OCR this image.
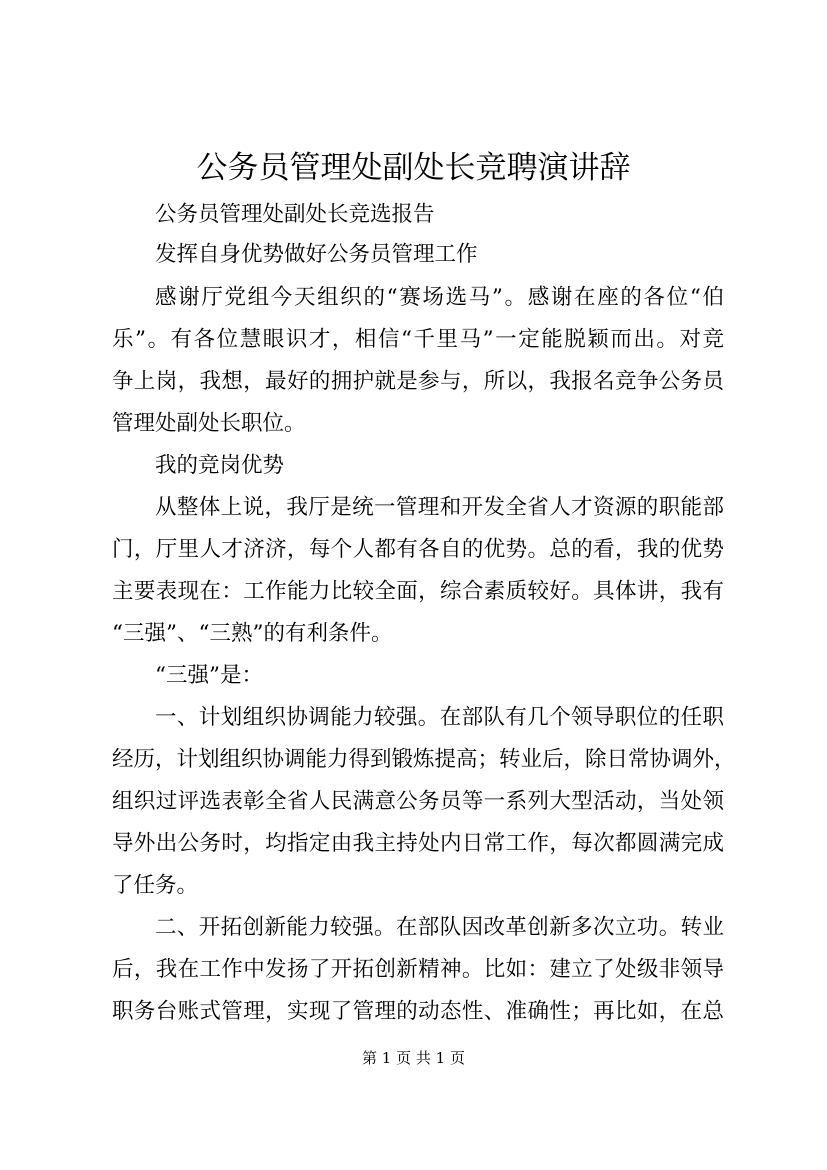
公务员管理处副处长竞聘演讲辞

公务员管理处副处长竞选报告

发挥自身优势做好公务员管理工作

感谢厅党组今天组织的“赛场选马”。感谢在座的各位“伯

乐”。有各位慧眼识才，相信“千里马”一定能脱颖而出。对竞

争上岗，我想，最好的拥护就是参与，所以，我报名竞争公务员

管理处副处长职位。

我的竞岗优势

从整体上说，我厅是统一管理和开发全省人才资源的职能部

门，厅里人才济济，每个人都有各自的优势。总的看，我的优势

主要表现在：工作能力比较全面，综合素质较好。具体讲，我有

“三强”、“三熟”的有利条件。

“三强”是：

一、计划组织协调能力较强。在部队有几个领导职位的任职

经历，计划组织协调能力得到锻炼提高；转业后，除日常协调外，

组织过评选表彰全省人民满意公务员等一系列大型活动，当处领

导外出公务时，均指定由我主持处内日常工作，每次都圆满完成

了任务。

二、开拓创新能力较强。在部队因改革创新多次立功。转业

后，我在工作中发扬了开拓创新精神。比如：建立了处级非领导

职务台账式管理，实现了管理的动态性、准确性；再比如，在总

第 1 页 共 1 页
